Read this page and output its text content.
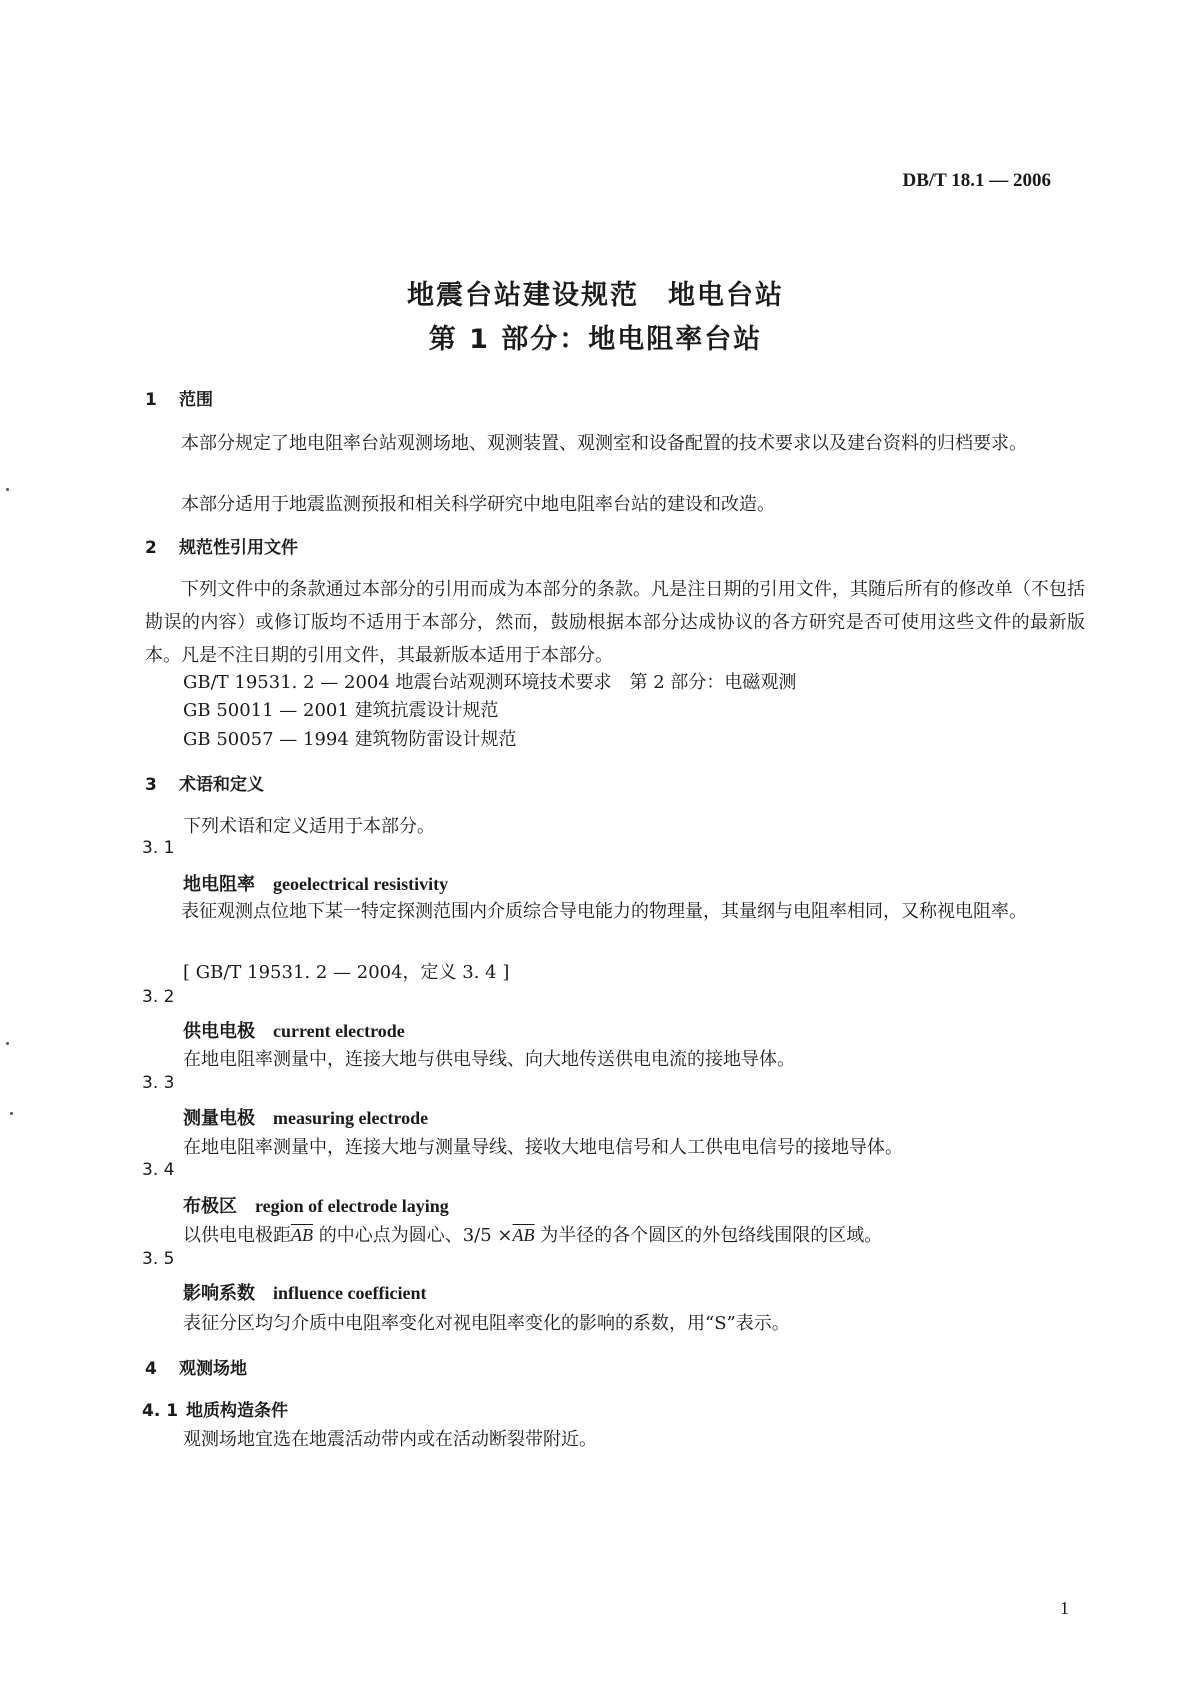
DB/T 18.1 — 2006
地震台站建设规范　地电台站
第 1 部分：地电阻率台站
1 范围
本部分规定了地电阻率台站观测场地、观测装置、观测室和设备配置的技术要求以及建台资料的归档要求。
本部分适用于地震监测预报和相关科学研究中地电阻率台站的建设和改造。
2 规范性引用文件
下列文件中的条款通过本部分的引用而成为本部分的条款。凡是注日期的引用文件，其随后所有的修改单（不包括勘误的内容）或修订版均不适用于本部分，然而，鼓励根据本部分达成协议的各方研究是否可使用这些文件的最新版本。凡是不注日期的引用文件，其最新版本适用于本部分。
GB/T 19531. 2 — 2004 地震台站观测环境技术要求　第 2 部分：电磁观测
GB 50011 — 2001 建筑抗震设计规范
GB 50057 — 1994 建筑物防雷设计规范
3 术语和定义
下列术语和定义适用于本部分。
3. 1
地电阻率 geoelectrical resistivity
表征观测点位地下某一特定探测范围内介质综合导电能力的物理量，其量纲与电阻率相同，又称视电阻率。
[ GB/T 19531. 2 — 2004，定义 3. 4 ]
3. 2
供电电极 current electrode
在地电阻率测量中，连接大地与供电导线、向大地传送供电电流的接地导体。
3. 3
测量电极 measuring electrode
在地电阻率测量中，连接大地与测量导线、接收大地电信号和人工供电电信号的接地导体。
3. 4
布极区 region of electrode laying
以供电电极距$\overline{AB}$ 的中心点为圆心、$3/5 \times\overline{AB}$ 为半径的各个圆区的外包络线围限的区域。
3. 5
影响系数 influence coefficient
表征分区均匀介质中电阻率变化对视电阻率变化的影响的系数，用“S”表示。
4 观测场地
4. 1 地质构造条件
观测场地宜选在地震活动带内或在活动断裂带附近。
1
